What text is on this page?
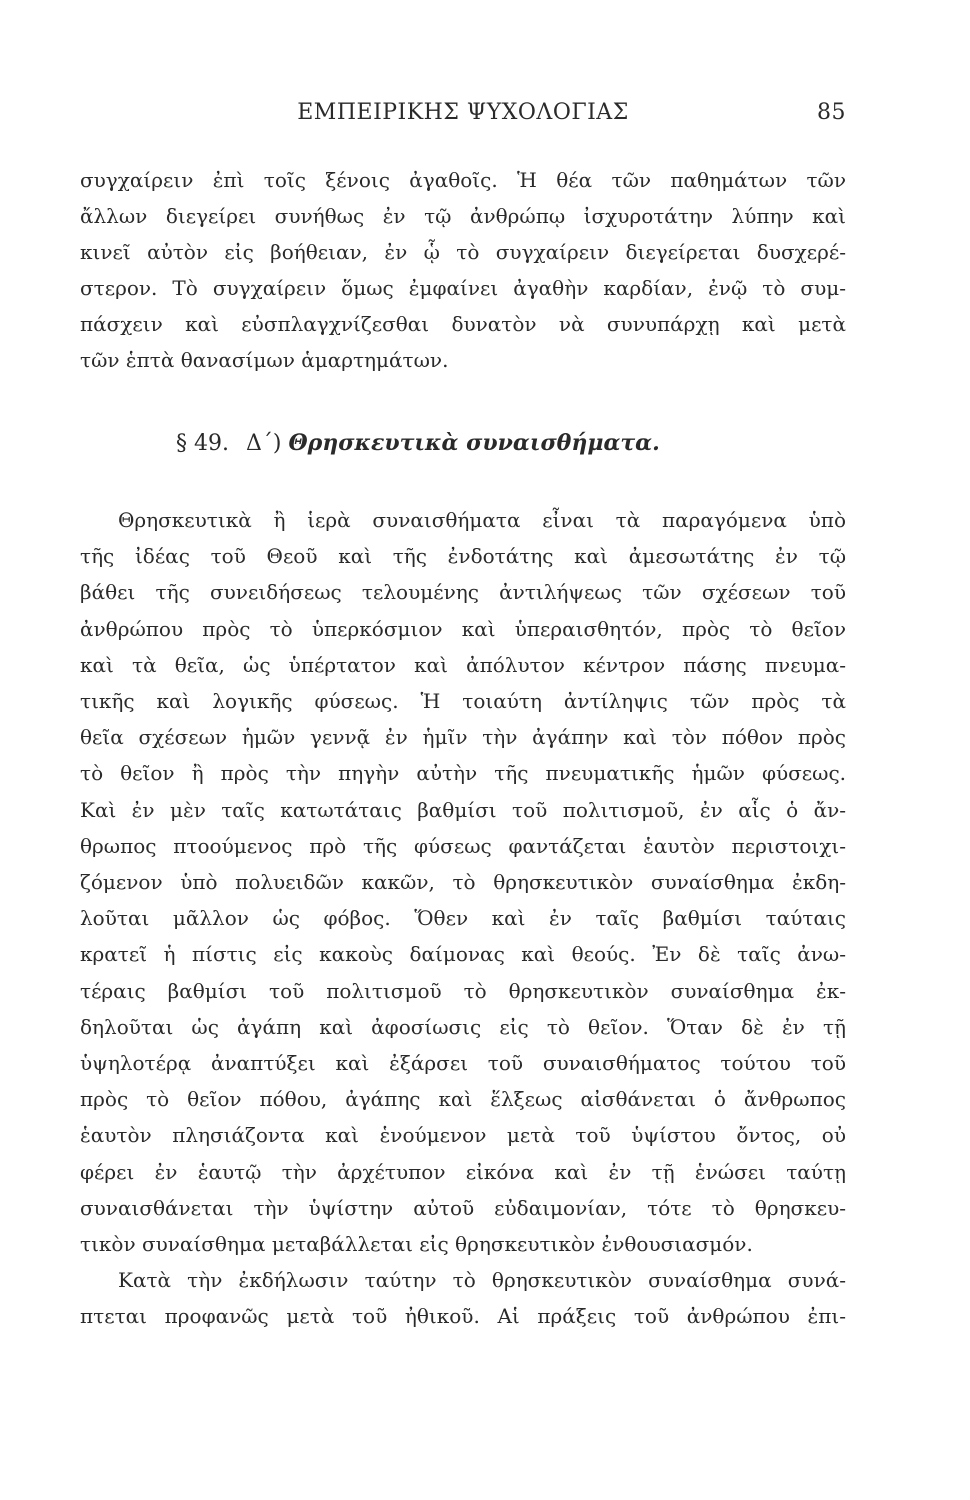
ΕΜΠΕΙΡΙΚΗΣ ΨΥΧΟΛΟΓΙΑΣ	85
συγχαίρειν ἐπὶ τοῖς ξένοις ἀγαθοῖς. Ἡ θέα τῶν παθημάτων τῶν
ἄλλων διεγείρει συνήθως ἐν τῷ ἀνθρώπῳ ἰσχυροτάτην λύπην καὶ
κινεῖ αὐτὸν εἰς βοήθειαν, ἐν ᾧ τὸ συγχαίρειν διεγείρεται δυσχερέ-
στερον. Τὸ συγχαίρειν ὅμως ἐμφαίνει ἀγαθὴν καρδίαν, ἐνῷ τὸ συμ-
πάσχειν καὶ εὐσπλαγχνίζεσθαι δυνατὸν νὰ συνυπάρχῃ καὶ μετὰ
τῶν ἑπτὰ θανασίμων ἁμαρτημάτων.
§ 49. Δ΄) Θρησκευτικὰ συναισθήματα.
Θρησκευτικὰ ἢ ἱερὰ συναισθήματα εἶναι τὰ παραγόμενα ὑπὸ
τῆς ἰδέας τοῦ Θεοῦ καὶ τῆς ἐνδοτάτης καὶ ἀμεσωτάτης ἐν τῷ
βάθει τῆς συνειδήσεως τελουμένης ἀντιλήψεως τῶν σχέσεων τοῦ
ἀνθρώπου πρὸς τὸ ὑπερκόσμιον καὶ ὑπεραισθητόν, πρὸς τὸ θεῖον
καὶ τὰ θεῖα, ὡς ὑπέρτατον καὶ ἀπόλυτον κέντρον πάσης πνευμα-
τικῆς καὶ λογικῆς φύσεως. Ἡ τοιαύτη ἀντίληψις τῶν πρὸς τὰ
θεῖα σχέσεων ἡμῶν γεννᾷ ἐν ἡμῖν τὴν ἀγάπην καὶ τὸν πόθον πρὸς
τὸ θεῖον ἢ πρὸς τὴν πηγὴν αὐτὴν τῆς πνευματικῆς ἡμῶν φύσεως.
Καὶ ἐν μὲν ταῖς κατωτάταις βαθμίσι τοῦ πολιτισμοῦ, ἐν αἷς ὁ ἄν-
θρωπος πτοούμενος πρὸ τῆς φύσεως φαντάζεται ἑαυτὸν περιστοιχι-
ζόμενον ὑπὸ πολυειδῶν κακῶν, τὸ θρησκευτικὸν συναίσθημα ἐκδη-
λοῦται μᾶλλον ὡς φόβος. Ὅθεν καὶ ἐν ταῖς βαθμίσι ταύταις
κρατεῖ ἡ πίστις εἰς κακοὺς δαίμονας καὶ θεούς. Ἐν δὲ ταῖς ἀνω-
τέραις βαθμίσι τοῦ πολιτισμοῦ τὸ θρησκευτικὸν συναίσθημα ἐκ-
δηλοῦται ὡς ἀγάπη καὶ ἀφοσίωσις εἰς τὸ θεῖον. Ὅταν δὲ ἐν τῇ
ὑψηλοτέρᾳ ἀναπτύξει καὶ ἐξάρσει τοῦ συναισθήματος τούτου τοῦ
πρὸς τὸ θεῖον πόθου, ἀγάπης καὶ ἕλξεως αἰσθάνεται ὁ ἄνθρωπος
ἑαυτὸν πλησιάζοντα καὶ ἑνούμενον μετὰ τοῦ ὑψίστου ὄντος, οὐ
φέρει ἐν ἑαυτῷ τὴν ἀρχέτυπον εἰκόνα καὶ ἐν τῇ ἑνώσει ταύτῃ
συναισθάνεται τὴν ὑψίστην αὐτοῦ εὐδαιμονίαν, τότε τὸ θρησκευ-
τικὸν συναίσθημα μεταβάλλεται εἰς θρησκευτικὸν ἐνθουσιασμόν.
Κατὰ τὴν ἐκδήλωσιν ταύτην τὸ θρησκευτικὸν συναίσθημα συνά-
πτεται προφανῶς μετὰ τοῦ ἠθικοῦ. Αἱ πράξεις τοῦ ἀνθρώπου ἐπι-
